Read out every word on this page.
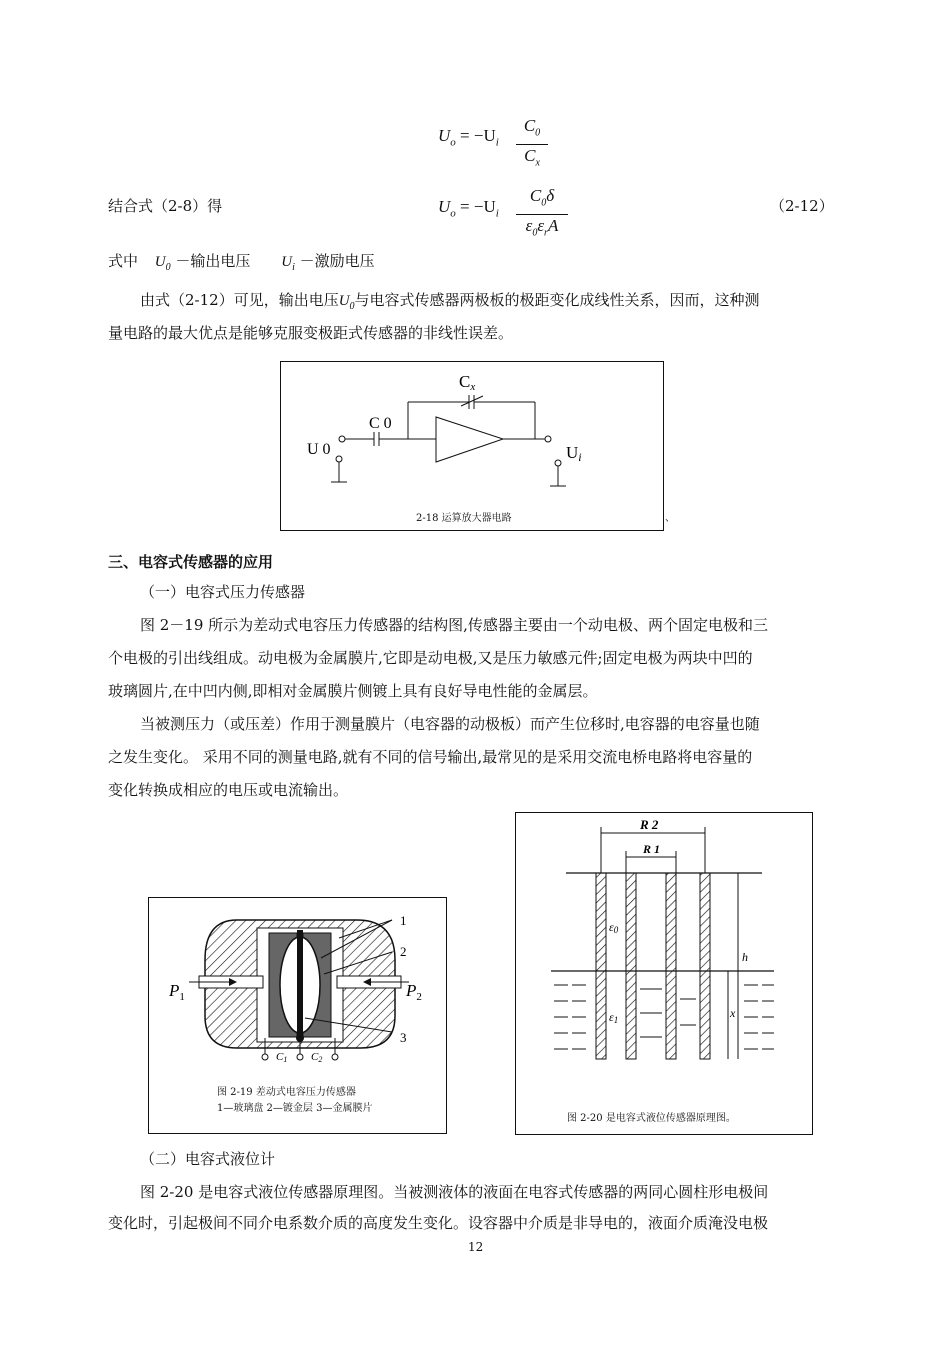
$U_o = -U_i$
$C_0$
$C_x$
结合式（2-8）得	$U_o = -U_i$
$C_0\delta$
$\varepsilon_0\varepsilon_rA$
（2-12）
式中 $U_0$ －输出电压 $U_i$ －激励电压
由式（2-12）可见，输出电压$U_0$与电容式传感器两极板的极距变化成线性关系，因而，这种测
量电路的最大优点是能够克服变极距式传感器的非线性误差。
Cx
C 0
U 0	Ui
2-18 运算放大器电路	、
三、电容式传感器的应用
（一）电容式压力传感器
图 2－19 所示为差动式电容压力传感器的结构图,传感器主要由一个动电极、两个固定电极和三
个电极的引出线组成。动电极为金属膜片,它即是动电极,又是压力敏感元件;固定电极为两块中凹的
玻璃圆片,在中凹内侧,即相对金属膜片侧镀上具有良好导电性能的金属层。
当被测压力（或压差）作用于测量膜片（电容器的动极板）而产生位移时,电容器的电容量也随
之发生变化。 采用不同的测量电路,就有不同的信号输出,最常见的是采用交流电桥电路将电容量的
变化转换成相应的电压或电流输出。
$P_1$	$P_2$
1
2
3
C1 C2
图 2-19 差动式电容压力传感器
1—玻璃盘 2—镀金层 3—金属膜片
R 2
R 1
ε0
ε1
h
x
图 2-20 是电容式液位传感器原理图。
（二）电容式液位计
图 2-20 是电容式液位传感器原理图。当被测液体的液面在电容式传感器的两同心圆柱形电极间
变化时，引起极间不同介电系数介质的高度发生变化。设容器中介质是非导电的，液面介质淹没电极
12
